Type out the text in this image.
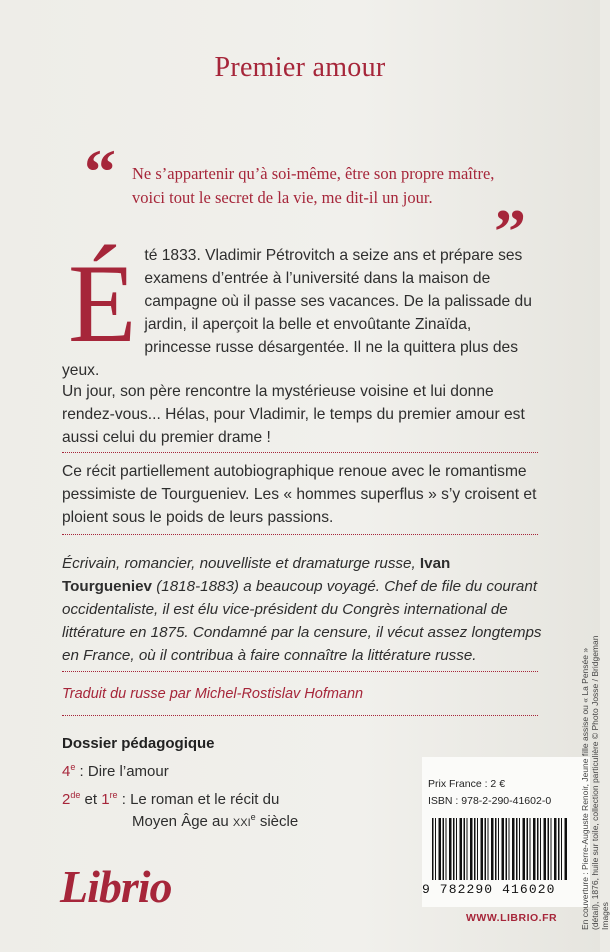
Premier amour
“ Ne s’appartenir qu’à soi-même, être son propre maître, voici tout le secret de la vie, me dit-il un jour. ”
Été 1833. Vladimir Pétrovitch a seize ans et prépare ses examens d’entrée à l’université dans la maison de campagne où il passe ses vacances. De la palissade du jardin, il aperçoit la belle et envoûtante Zinaïda, princesse russe désargentée. Il ne la quittera plus des yeux.
Un jour, son père rencontre la mystérieuse voisine et lui donne rendez-vous... Hélas, pour Vladimir, le temps du premier amour est aussi celui du premier drame !
Ce récit partiellement autobiographique renoue avec le romantisme pessimiste de Tourgueniev. Les « hommes superflus » s’y croisent et ploient sous le poids de leurs passions.
Écrivain, romancier, nouvelliste et dramaturge russe, Ivan Tourgueniev (1818-1883) a beaucoup voyagé. Chef de file du courant occidentaliste, il est élu vice-président du Congrès international de littérature en 1875. Condamné par la censure, il vécut assez longtemps en France, où il contribua à faire connaître la littérature russe.
Traduit du russe par Michel-Rostislav Hofmann
Dossier pédagogique
4e : Dire l’amour
2de et 1re : Le roman et le récit du
Moyen Âge au xxi$^e$ siècle
Librio
Prix France : 2 €
ISBN : 978-2-290-41602-0
9 782290 416020
WWW.LIBRIO.FR	En couverture : Pierre-Auguste Renoir, Jeune fille assise ou « La Pensée » (détail), 1876, huile sur toile, collection particulière © Photo Josse / Bridgeman Images
